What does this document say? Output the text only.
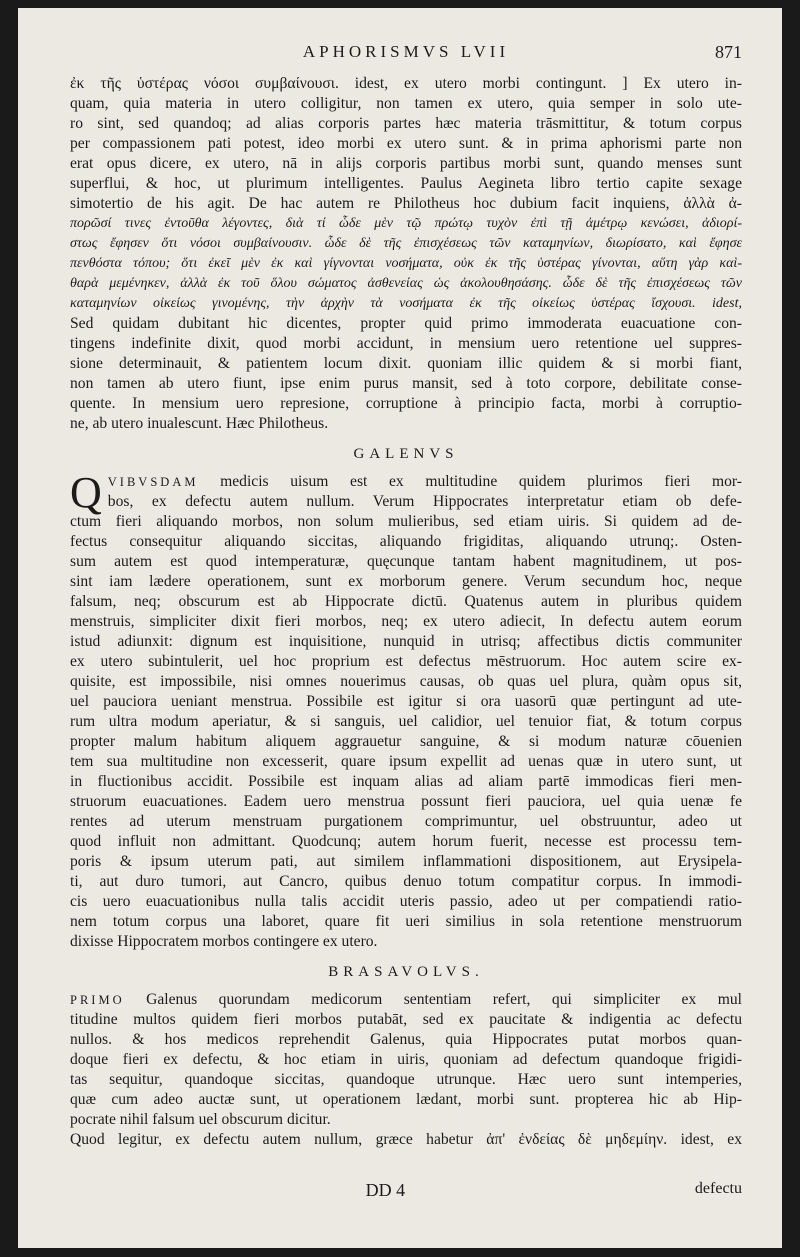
APHORISMVS LVII	871
ἐκ τῆς ὑστέρας νόσοι συμβαίνουσι. idest, ex utero morbi contingunt. ] Ex utero in-
quam, quia materia in utero colligitur, non tamen ex utero, quia semper in solo ute-
ro sint, sed quandoq; ad alias corporis partes hæc materia trāsmittitur, & totum corpus
per compassionem pati potest, ideo morbi ex utero sunt. & in prima aphorismi parte non
erat opus dicere, ex utero, nā in alijs corporis partibus morbi sunt, quando menses sunt
superflui, & hoc, ut plurimum intelligentes. Paulus Aegineta libro tertio capite sexage
simotertio de his agit. De hac autem re Philotheus hoc dubium facit inquiens, ἀλλὰ ἀ-
πορῶσί τινες ἐντοῦθα λέγοντες, διὰ τί ὧδε μὲν τῷ πρώτῳ τυχὸν ἐπὶ τῇ ἀμέτρῳ κενώσει, ἀδιορί-
στως ἔφησεν ὅτι νόσοι συμβαίνουσιν. ὧδε δὲ τῆς ἐπισχέσεως τῶν καταμηνίων, διωρίσατο, καὶ ἔφησε
πενθόστα τόπου; ὅτι ἐκεῖ μὲν ἐκ καὶ γίγνονται νοσήματα, οὐκ ἐκ τῆς ὑστέρας γίνονται, αὕτη γὰρ καὶ-
θαρὰ μεμένηκεν, ἀλλὰ ἐκ τοῦ ὅλου σώματος ἀσθενείας ὡς ἀκολουθησάσης. ὧδε δὲ τῆς ἐπισχέσεως τῶν
καταμηνίων οἰκείως γινομένης, τὴν ἀρχὴν τὰ νοσήματα ἐκ τῆς οἰκείως ὑστέρας ἴσχουσι. idest,
Sed quidam dubitant hic dicentes, propter quid primo immoderata euacuatione con-
tingens indefinite dixit, quod morbi accidunt, in mensium uero retentione uel suppres-
sione determinauit, & patientem locum dixit. quoniam illic quidem & si morbi fiant,
non tamen ab utero fiunt, ipse enim purus mansit, sed à toto corpore, debilitate conse-
quente. In mensium uero represione, corruptione à principio facta, morbi à corruptio-
ne, ab utero inualescunt. Hæc Philotheus.
GALENVS
Q VIBVSDAM medicis uisum est ex multitudine quidem plurimos fieri mor-
bos, ex defectu autem nullum. Verum Hippocrates interpretatur etiam ob defe-
ctum fieri aliquando morbos, non solum mulieribus, sed etiam uiris. Si quidem ad de-
fectus consequitur aliquando siccitas, aliquando frigiditas, aliquando utrunq;. Osten-
sum autem est quod intemperaturæ, quęcunque tantam habent magnitudinem, ut pos-
sint iam lædere operationem, sunt ex morborum genere. Verum secundum hoc, neque
falsum, neq; obscurum est ab Hippocrate dictū. Quatenus autem in pluribus quidem
menstruis, simpliciter dixit fieri morbos, neq; ex utero adiecit, In defectu autem eorum
istud adiunxit: dignum est inquisitione, nunquid in utrisq; affectibus dictis communiter
ex utero subintulerit, uel hoc proprium est defectus mēstruorum. Hoc autem scire ex-
quisite, est impossibile, nisi omnes nouerimus causas, ob quas uel plura, quàm opus sit,
uel pauciora ueniant menstrua. Possibile est igitur si ora uasorū quæ pertingunt ad ute-
rum ultra modum aperiatur, & si sanguis, uel calidior, uel tenuior fiat, & totum corpus
propter malum habitum aliquem aggrauetur sanguine, & si modum naturæ cōuenien
tem sua multitudine non excesserit, quare ipsum expellit ad uenas quæ in utero sunt, ut
in fluctionibus accidit. Possibile est inquam alias ad aliam partē immodicas fieri men-
struorum euacuationes. Eadem uero menstrua possunt fieri pauciora, uel quia uenæ fe
rentes ad uterum menstruam purgationem comprimuntur, uel obstruuntur, adeo ut
quod influit non admittant. Quodcunq; autem horum fuerit, necesse est processu tem-
poris & ipsum uterum pati, aut similem inflammationi dispositionem, aut Erysipela-
ti, aut duro tumori, aut Cancro, quibus denuo totum compatitur corpus. In immodi-
cis uero euacuationibus nulla talis accidit uteris passio, adeo ut per compatiendi ratio-
nem totum corpus una laboret, quare fit ueri similius in sola retentione menstruorum
dixisse Hippocratem morbos contingere ex utero.
BRASAVOLVS.
PRIMO Galenus quorundam medicorum sententiam refert, qui simpliciter ex mul
titudine multos quidem fieri morbos putabāt, sed ex paucitate & indigentia ac defectu
nullos. & hos medicos reprehendit Galenus, quia Hippocrates putat morbos quan-
doque fieri ex defectu, & hoc etiam in uiris, quoniam ad defectum quandoque frigidi-
tas sequitur, quandoque siccitas, quandoque utrunque. Hæc uero sunt intemperies,
quæ cum adeo auctæ sunt, ut operationem lædant, morbi sunt. propterea hic ab Hip-
pocrate nihil falsum uel obscurum dicitur.
Quod legitur, ex defectu autem nullum, græce habetur ἀπ' ἐνδείας δὲ μηδεμίην. idest, ex
DD 4	defectu
